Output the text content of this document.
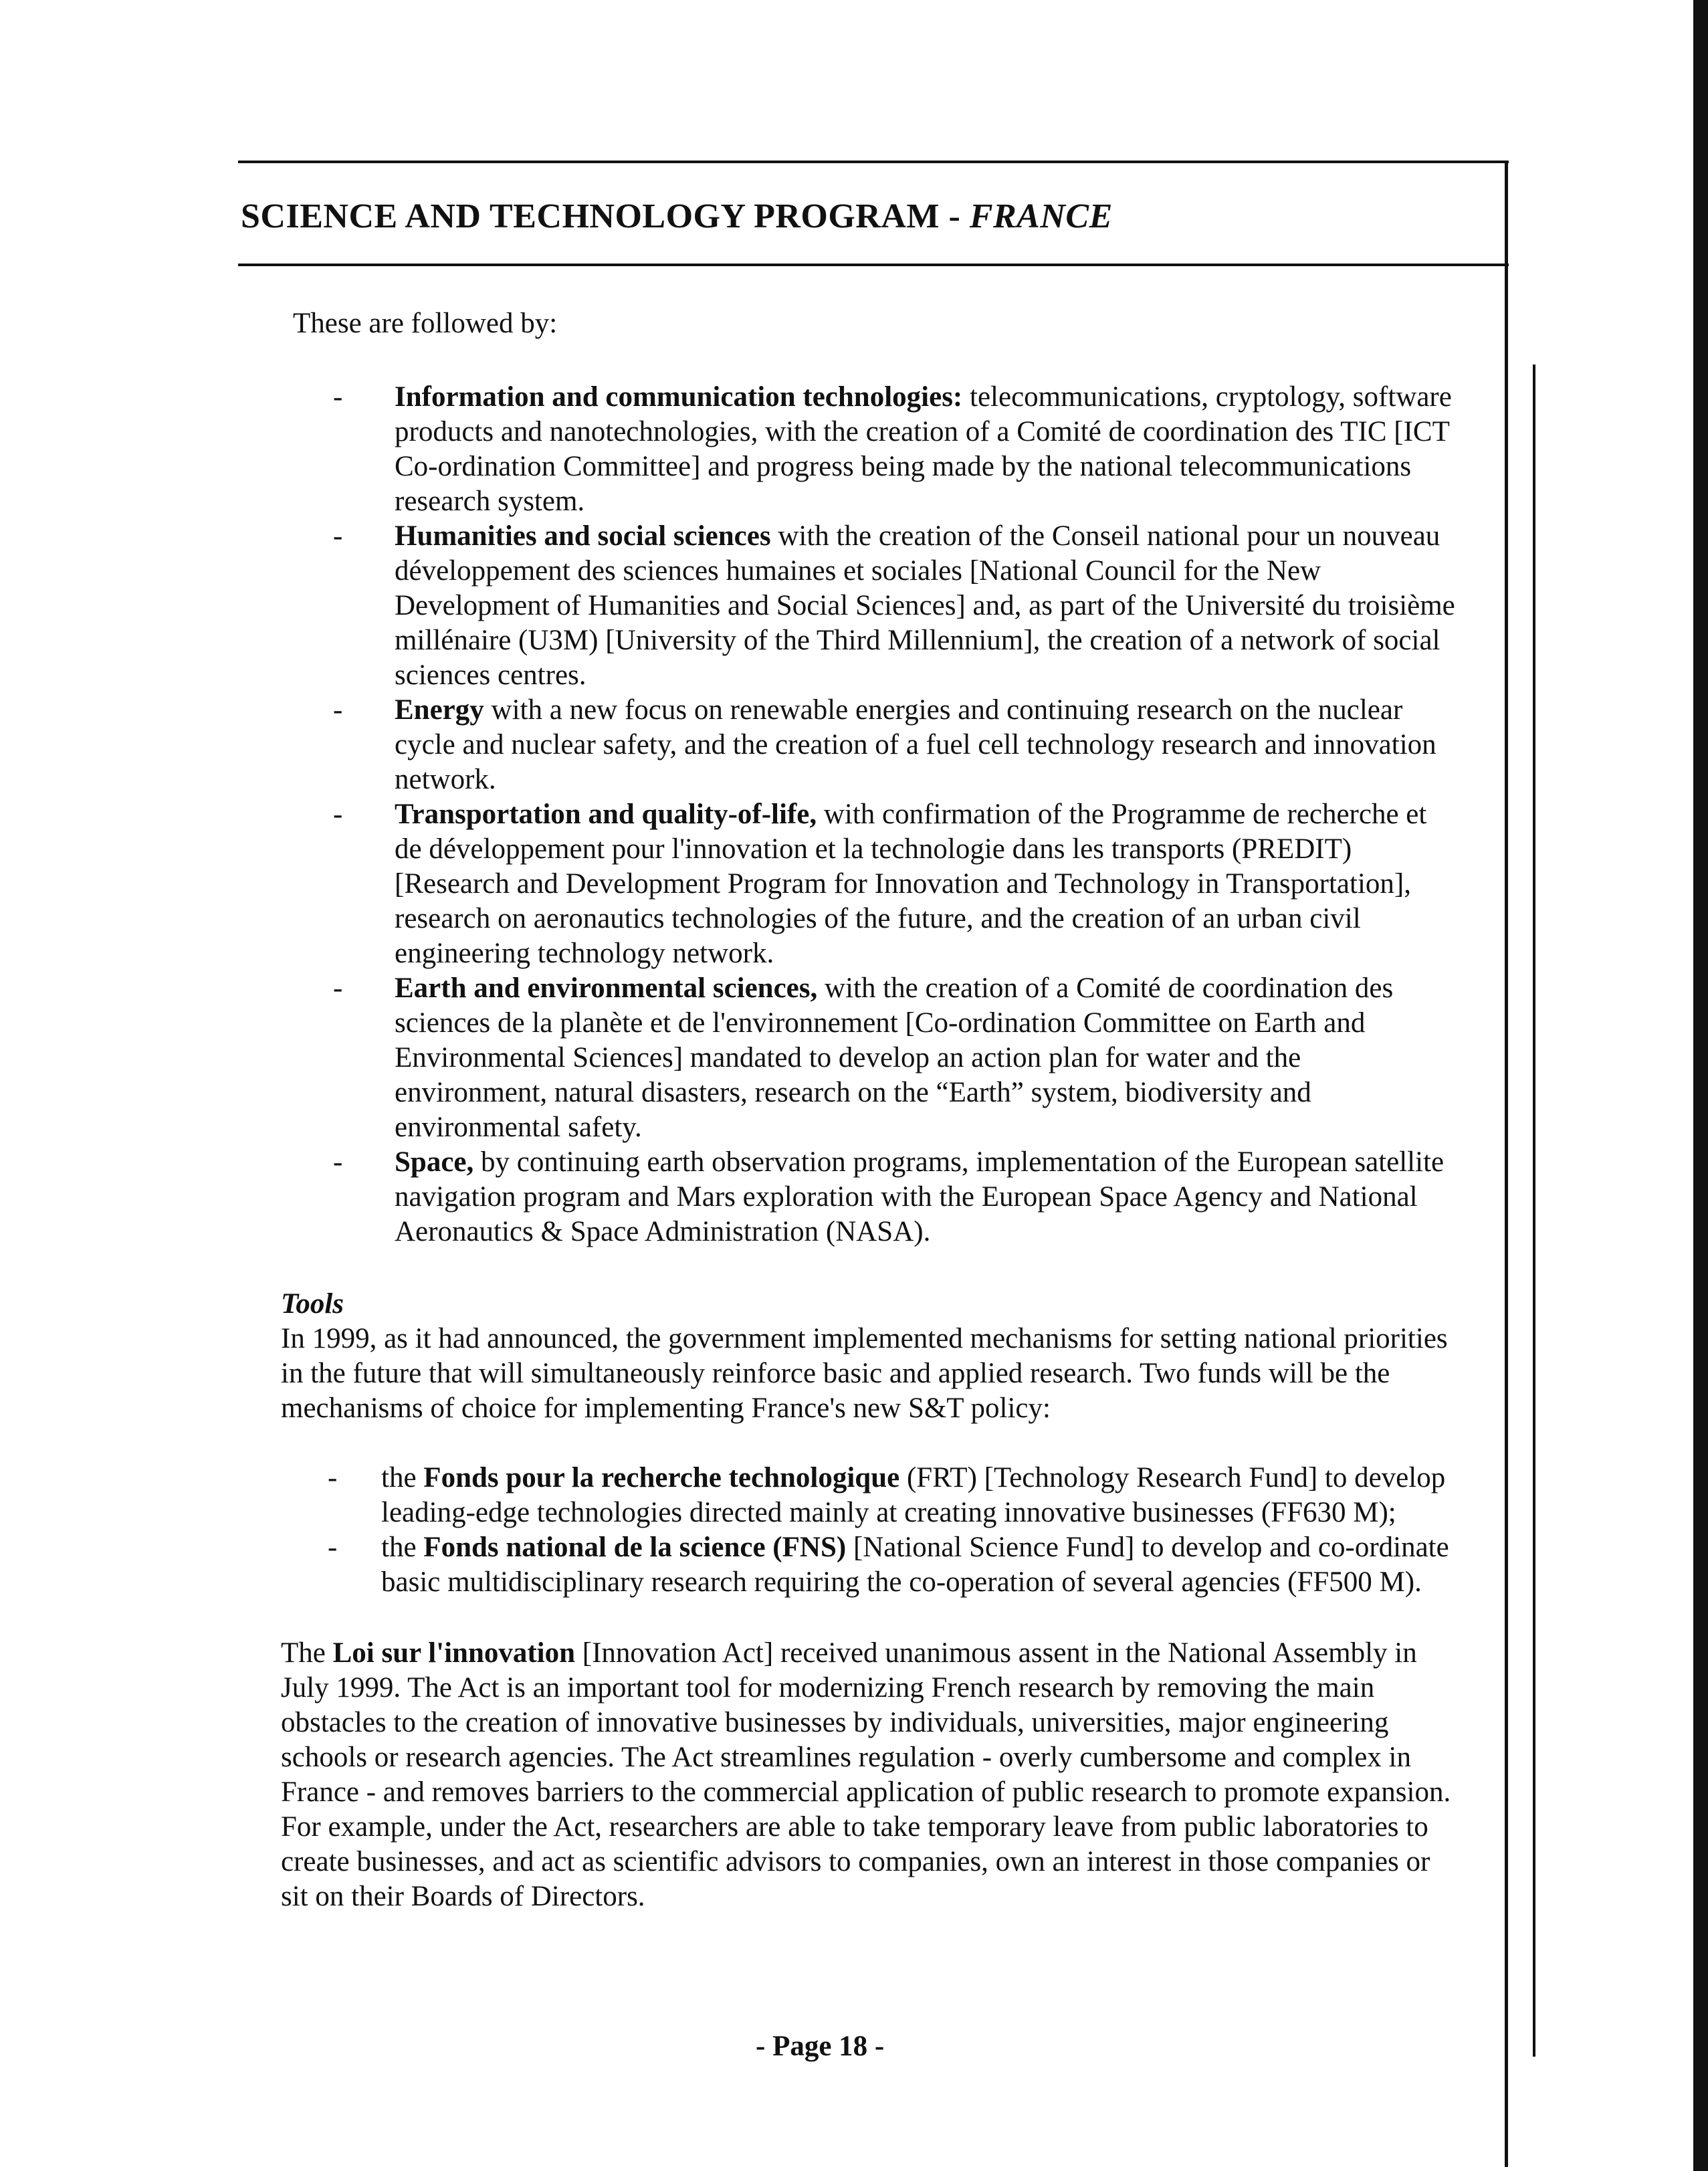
SCIENCE AND TECHNOLOGY PROGRAM - FRANCE

These are followed by:

- Information and communication technologies: telecommunications, cryptology, software products and nanotechnologies, with the creation of a Comité de coordination des TIC [ICT Co-ordination Committee] and progress being made by the national telecommunications research system.
- Humanities and social sciences with the creation of the Conseil national pour un nouveau développement des sciences humaines et sociales [National Council for the New Development of Humanities and Social Sciences] and, as part of the Université du troisième millénaire (U3M) [University of the Third Millennium], the creation of a network of social sciences centres.
- Energy with a new focus on renewable energies and continuing research on the nuclear cycle and nuclear safety, and the creation of a fuel cell technology research and innovation network.
- Transportation and quality-of-life, with confirmation of the Programme de recherche et de développement pour l'innovation et la technologie dans les transports (PREDIT) [Research and Development Program for Innovation and Technology in Transportation], research on aeronautics technologies of the future, and the creation of an urban civil engineering technology network.
- Earth and environmental sciences, with the creation of a Comité de coordination des sciences de la planète et de l'environnement [Co-ordination Committee on Earth and Environmental Sciences] mandated to develop an action plan for water and the environment, natural disasters, research on the “Earth” system, biodiversity and environmental safety.
- Space, by continuing earth observation programs, implementation of the European satellite navigation program and Mars exploration with the European Space Agency and National Aeronautics & Space Administration (NASA).

Tools

In 1999, as it had announced, the government implemented mechanisms for setting national priorities in the future that will simultaneously reinforce basic and applied research. Two funds will be the mechanisms of choice for implementing France's new S&T policy:

- the Fonds pour la recherche technologique (FRT) [Technology Research Fund] to develop leading-edge technologies directed mainly at creating innovative businesses (FF630 M);
- the Fonds national de la science (FNS) [National Science Fund] to develop and co-ordinate basic multidisciplinary research requiring the co-operation of several agencies (FF500 M).

The Loi sur l'innovation [Innovation Act] received unanimous assent in the National Assembly in July 1999. The Act is an important tool for modernizing French research by removing the main obstacles to the creation of innovative businesses by individuals, universities, major engineering schools or research agencies. The Act streamlines regulation - overly cumbersome and complex in France - and removes barriers to the commercial application of public research to promote expansion. For example, under the Act, researchers are able to take temporary leave from public laboratories to create businesses, and act as scientific advisors to companies, own an interest in those companies or sit on their Boards of Directors.

- Page 18 -
